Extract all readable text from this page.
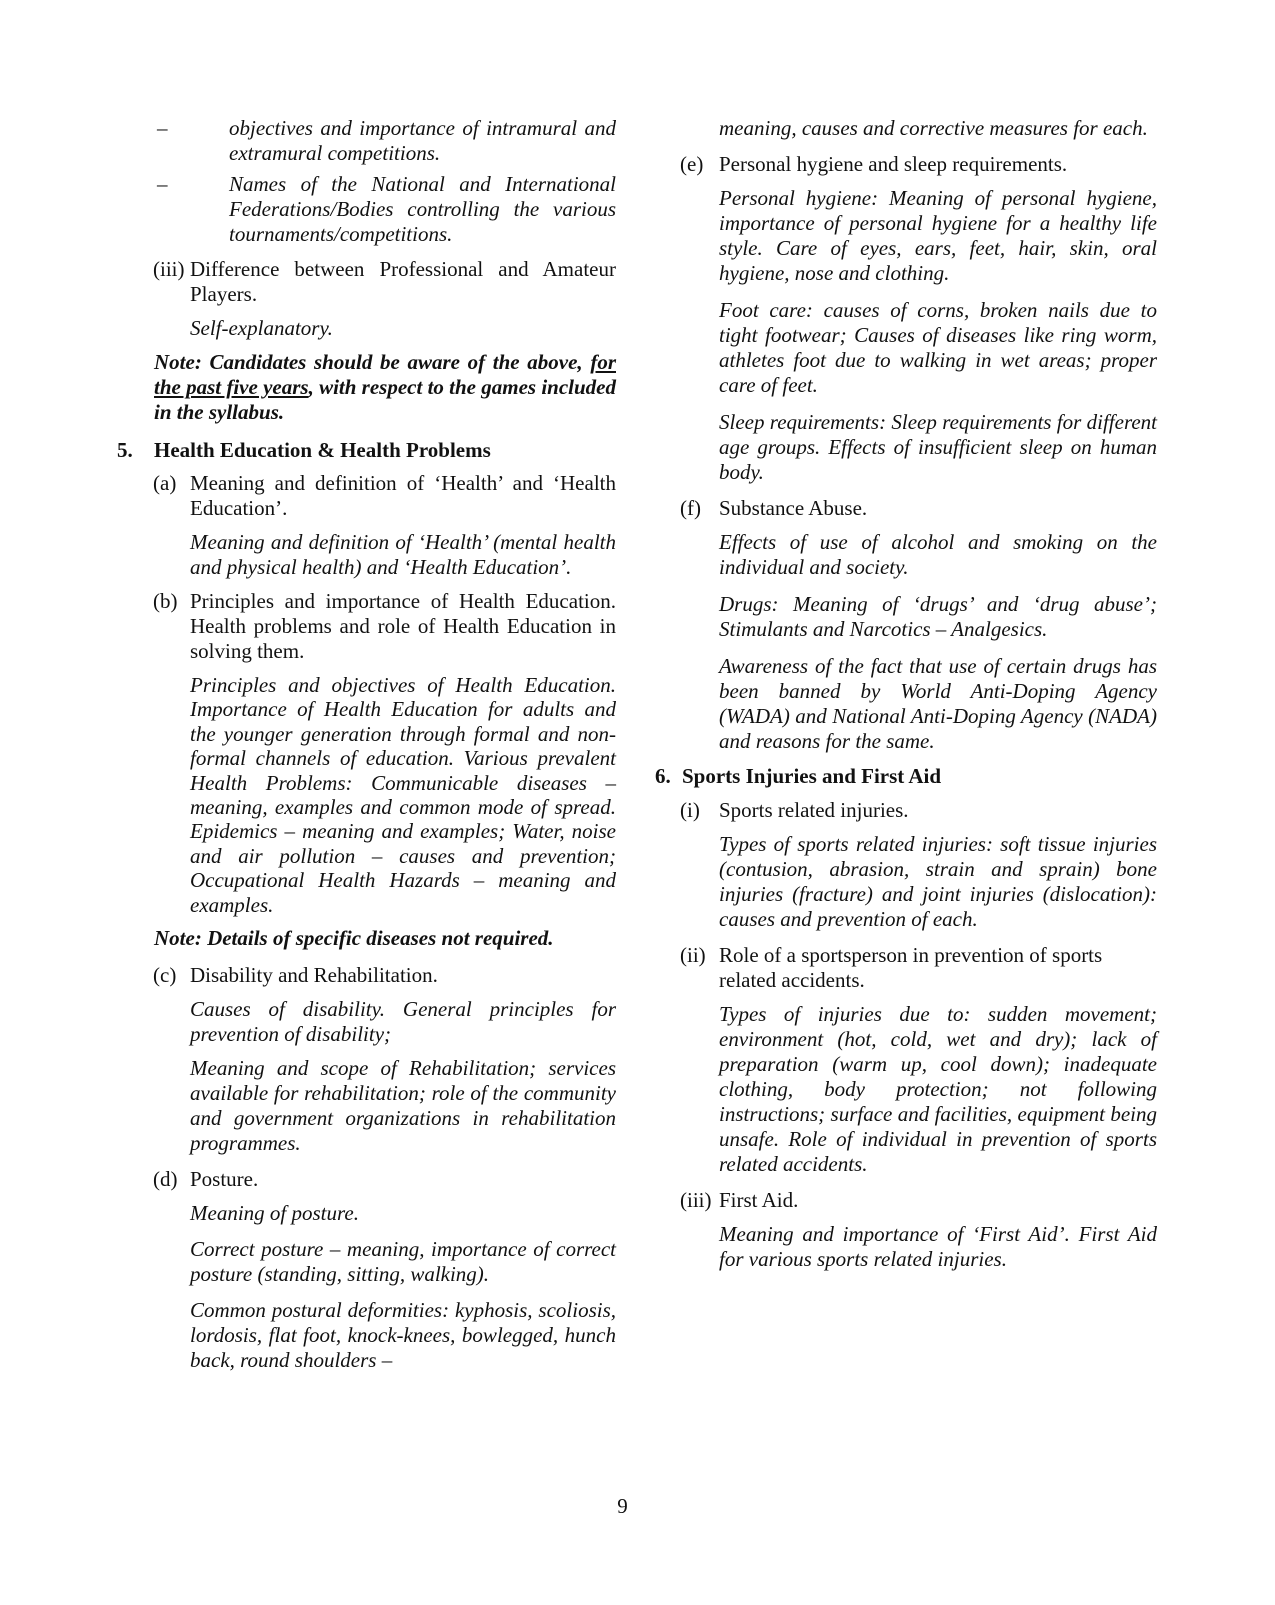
–	objectives and importance of intramural and extramural competitions.
–	Names of the National and International Federations/Bodies controlling the various tournaments/competitions.
(iii) Difference between Professional and Amateur Players.

Self-explanatory.

Note: Candidates should be aware of the above, for the past five years, with respect to the games included in the syllabus.

5. Health Education & Health Problems
(a) Meaning and definition of ‘Health’ and ‘Health Education’.

Meaning and definition of ‘Health’ (mental health and physical health) and ‘Health Education’.

(b) Principles and importance of Health Education. Health problems and role of Health Education in solving them.

Principles and objectives of Health Education. Importance of Health Education for adults and the younger generation through formal and non-formal channels of education. Various prevalent Health Problems: Communicable diseases – meaning, examples and common mode of spread. Epidemics – meaning and examples; Water, noise and air pollution – causes and prevention; Occupational Health Hazards – meaning and examples.

Note: Details of specific diseases not required.

(c) Disability and Rehabilitation.

Causes of disability. General principles for prevention of disability;

Meaning and scope of Rehabilitation; services available for rehabilitation; role of the community and government organizations in rehabilitation programmes.

(d) Posture.

Meaning of posture.

Correct posture – meaning, importance of correct posture (standing, sitting, walking).

Common postural deformities: kyphosis, scoliosis, lordosis, flat foot, knock-knees, bowlegged, hunch back, round shoulders –

meaning, causes and corrective measures for each.

(e) Personal hygiene and sleep requirements.

Personal hygiene: Meaning of personal hygiene, importance of personal hygiene for a healthy life style. Care of eyes, ears, feet, hair, skin, oral hygiene, nose and clothing.

Foot care: causes of corns, broken nails due to tight footwear; Causes of diseases like ring worm, athletes foot due to walking in wet areas; proper care of feet.

Sleep requirements: Sleep requirements for different age groups. Effects of insufficient sleep on human body.

(f) Substance Abuse.

Effects of use of alcohol and smoking on the individual and society.

Drugs: Meaning of ‘drugs’ and ‘drug abuse’; Stimulants and Narcotics – Analgesics.

Awareness of the fact that use of certain drugs has been banned by World Anti-Doping Agency (WADA) and National Anti-Doping Agency (NADA) and reasons for the same.

6. Sports Injuries and First Aid
(i) Sports related injuries.

Types of sports related injuries: soft tissue injuries (contusion, abrasion, strain and sprain) bone injuries (fracture) and joint injuries (dislocation): causes and prevention of each.

(ii) Role of a sportsperson in prevention of sports related accidents.

Types of injuries due to: sudden movement; environment (hot, cold, wet and dry); lack of preparation (warm up, cool down); inadequate clothing, body protection; not following instructions; surface and facilities, equipment being unsafe. Role of individual in prevention of sports related accidents.

(iii) First Aid.

Meaning and importance of ‘First Aid’. First Aid for various sports related injuries.

9
